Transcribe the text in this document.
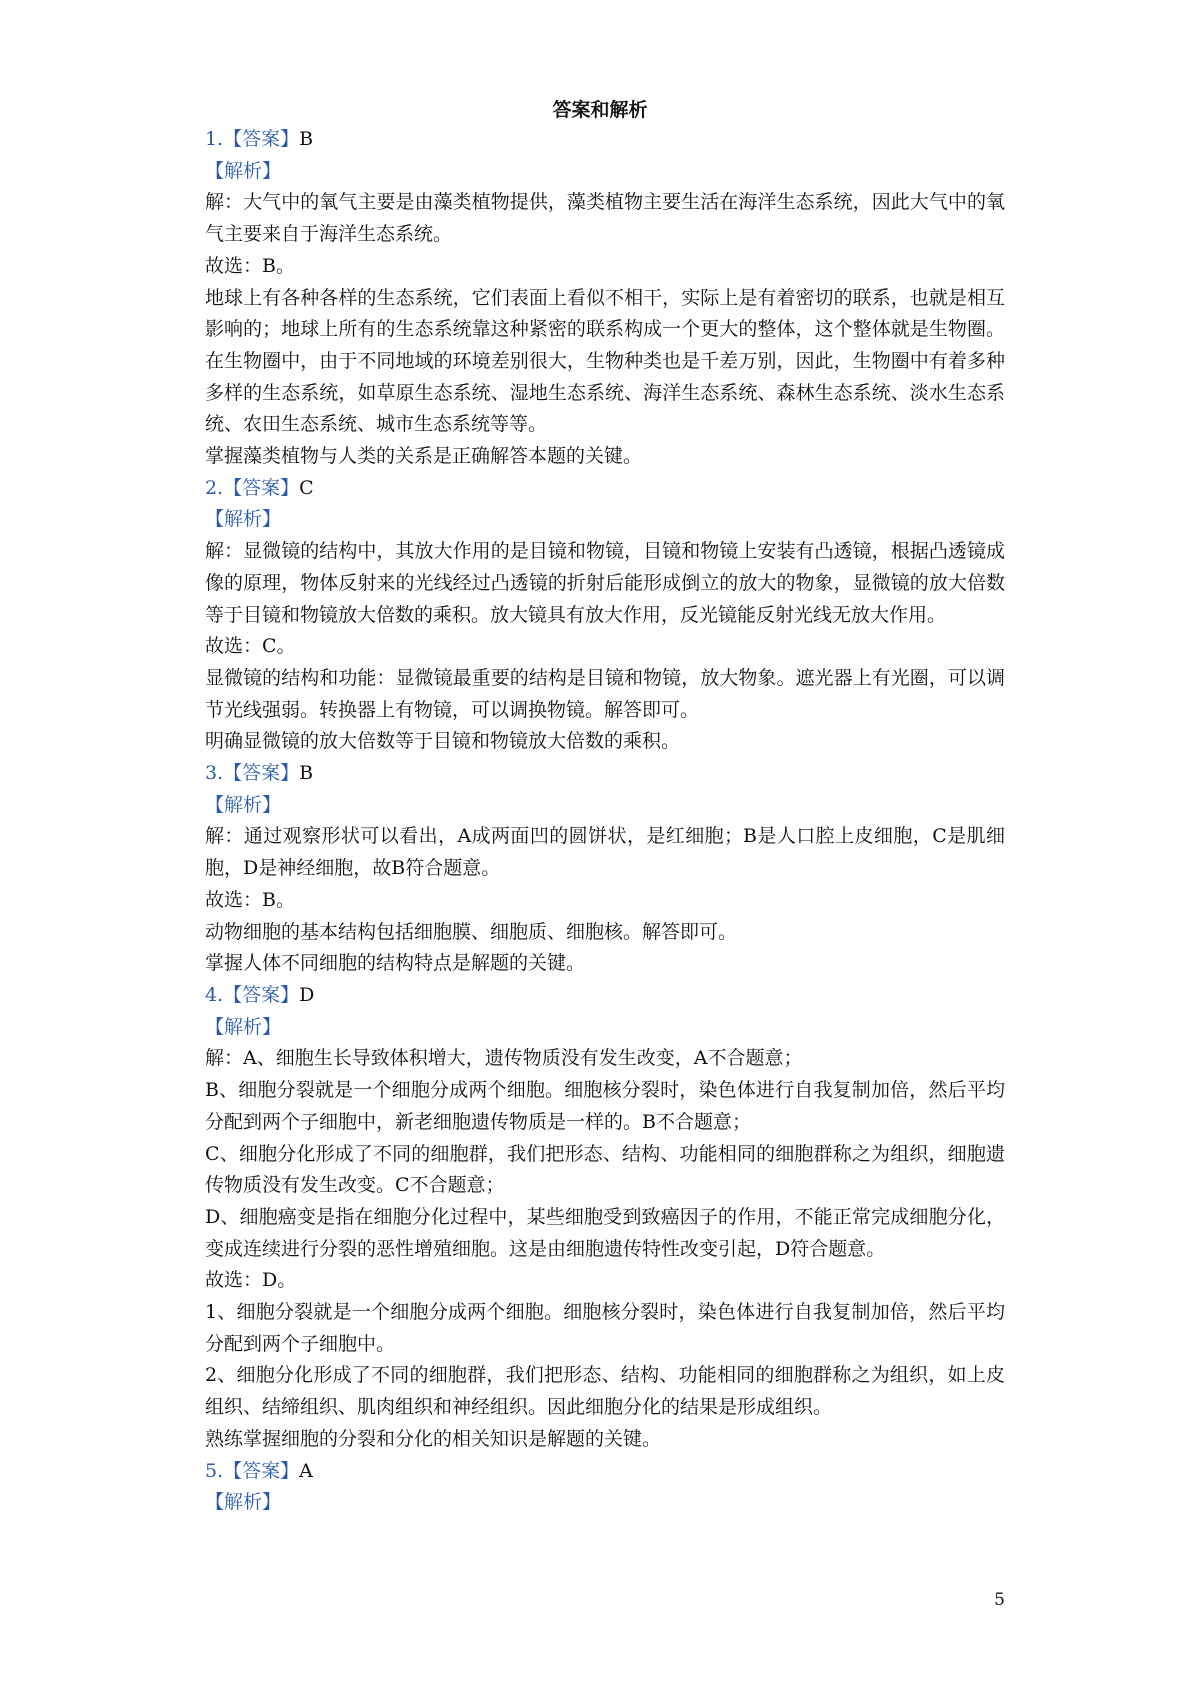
答案和解析
1.【答案】B
【解析】
解：大气中的氧气主要是由藻类植物提供，藻类植物主要生活在海洋生态系统，因此大气中的氧气主要来自于海洋生态系统。
故选：B。
地球上有各种各样的生态系统，它们表面上看似不相干，实际上是有着密切的联系，也就是相互影响的；地球上所有的生态系统靠这种紧密的联系构成一个更大的整体，这个整体就是生物圈。在生物圈中，由于不同地域的环境差别很大，生物种类也是千差万别，因此，生物圈中有着多种多样的生态系统，如草原生态系统、湿地生态系统、海洋生态系统、森林生态系统、淡水生态系统、农田生态系统、城市生态系统等等。
掌握藻类植物与人类的关系是正确解答本题的关键。
2.【答案】C
【解析】
解：显微镜的结构中，其放大作用的是目镜和物镜，目镜和物镜上安装有凸透镜，根据凸透镜成像的原理，物体反射来的光线经过凸透镜的折射后能形成倒立的放大的物象，显微镜的放大倍数等于目镜和物镜放大倍数的乘积。放大镜具有放大作用，反光镜能反射光线无放大作用。
故选：C。
显微镜的结构和功能：显微镜最重要的结构是目镜和物镜，放大物象。遮光器上有光圈，可以调节光线强弱。转换器上有物镜，可以调换物镜。解答即可。
明确显微镜的放大倍数等于目镜和物镜放大倍数的乘积。
3.【答案】B
【解析】
解：通过观察形状可以看出，A成两面凹的圆饼状，是红细胞；B是人口腔上皮细胞，C是肌细胞，D是神经细胞，故B符合题意。
故选：B。
动物细胞的基本结构包括细胞膜、细胞质、细胞核。解答即可。
掌握人体不同细胞的结构特点是解题的关键。
4.【答案】D
【解析】
解：A、细胞生长导致体积增大，遗传物质没有发生改变，A不合题意；
B、细胞分裂就是一个细胞分成两个细胞。细胞核分裂时，染色体进行自我复制加倍，然后平均分配到两个子细胞中，新老细胞遗传物质是一样的。B不合题意；
C、细胞分化形成了不同的细胞群，我们把形态、结构、功能相同的细胞群称之为组织，细胞遗传物质没有发生改变。C不合题意；
D、细胞癌变是指在细胞分化过程中，某些细胞受到致癌因子的作用，不能正常完成细胞分化，变成连续进行分裂的恶性增殖细胞。这是由细胞遗传特性改变引起，D符合题意。
故选：D。
1、细胞分裂就是一个细胞分成两个细胞。细胞核分裂时，染色体进行自我复制加倍，然后平均分配到两个子细胞中。
2、细胞分化形成了不同的细胞群，我们把形态、结构、功能相同的细胞群称之为组织，如上皮组织、结缔组织、肌肉组织和神经组织。因此细胞分化的结果是形成组织。
熟练掌握细胞的分裂和分化的相关知识是解题的关键。
5.【答案】A
【解析】
5
